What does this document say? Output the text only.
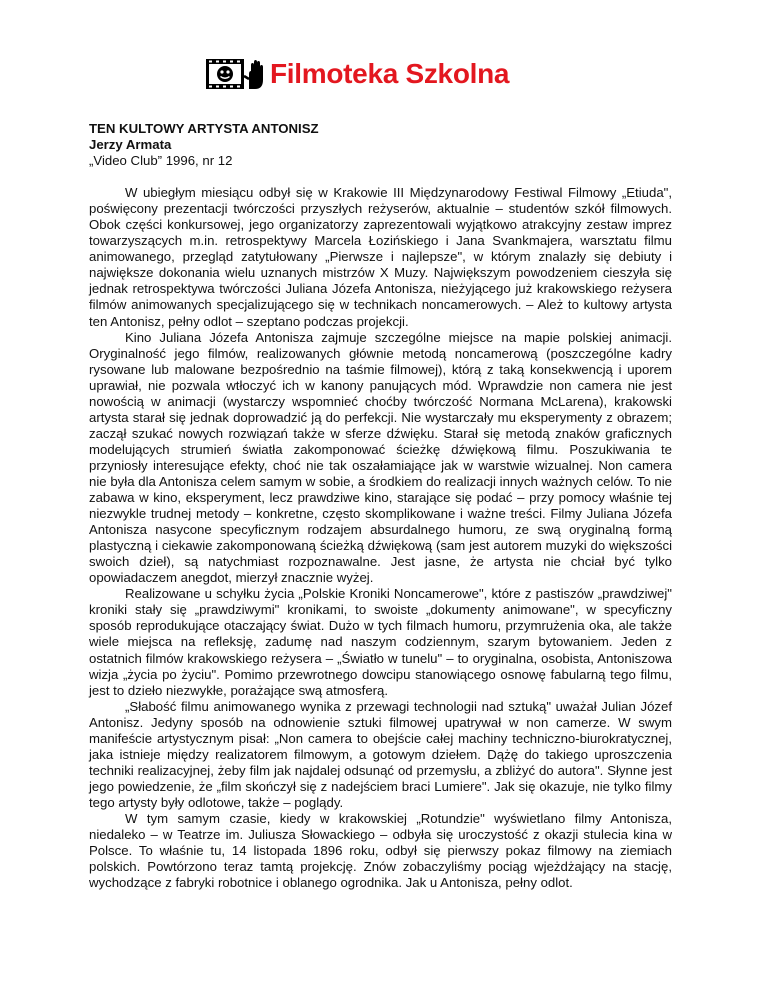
Filmoteka Szkolna
TEN KULTOWY ARTYSTA ANTONISZ
Jerzy Armata
„Video Club” 1996, nr 12

W ubiegłym miesiącu odbył się w Krakowie III Międzynarodowy Festiwal Filmowy „Etiuda", poświęcony prezentacji twórczości przyszłych reżyserów, aktualnie – studentów szkół filmowych. Obok części konkursowej, jego organizatorzy zaprezentowali wyjątkowo atrakcyjny zestaw imprez towarzyszących m.in. retrospektywy Marcela Łozińskiego i Jana Svankmajera, warsztatu filmu animowanego, przegląd zatytułowany „Pierwsze i najlepsze", w którym znalazły się debiuty i największe dokonania wielu uznanych mistrzów X Muzy. Największym powodzeniem cieszyła się jednak retrospektywa twórczości Juliana Józefa Antonisza, nieżyjącego już krakowskiego reżysera filmów animowanych specjalizującego się w technikach noncamerowych. – Ależ to kultowy artysta ten Antonisz, pełny odlot – szeptano podczas projekcji.

Kino Juliana Józefa Antonisza zajmuje szczególne miejsce na mapie polskiej animacji. Oryginalność jego filmów, realizowanych głównie metodą noncamerową (poszczególne kadry rysowane lub malowane bezpośrednio na taśmie filmowej), którą z taką konsekwencją i uporem uprawiał, nie pozwala wtłoczyć ich w kanony panujących mód. Wprawdzie non camera nie jest nowością w animacji (wystarczy wspomnieć choćby twórczość Normana McLarena), krakowski artysta starał się jednak doprowadzić ją do perfekcji. Nie wystarczały mu eksperymenty z obrazem; zaczął szukać nowych rozwiązań także w sferze dźwięku. Starał się metodą znaków graficznych modelujących strumień światła zakomponować ścieżkę dźwiękową filmu. Poszukiwania te przyniosły interesujące efekty, choć nie tak oszałamiające jak w warstwie wizualnej. Non camera nie była dla Antonisza celem samym w sobie, a środkiem do realizacji innych ważnych celów. To nie zabawa w kino, eksperyment, lecz prawdziwe kino, starające się podać – przy pomocy właśnie tej niezwykle trudnej metody – konkretne, często skomplikowane i ważne treści. Filmy Juliana Józefa Antonisza nasycone specyficznym rodzajem absurdalnego humoru, ze swą oryginalną formą plastyczną i ciekawie zakomponowaną ścieżką dźwiękową (sam jest autorem muzyki do większości swoich dzieł), są natychmiast rozpoznawalne. Jest jasne, że artysta nie chciał być tylko opowiadaczem anegdot, mierzył znacznie wyżej.

Realizowane u schyłku życia „Polskie Kroniki Noncamerowe", które z pastiszów „prawdziwej" kroniki stały się „prawdziwymi" kronikami, to swoiste „dokumenty animowane", w specyficzny sposób reprodukujące otaczający świat. Dużo w tych filmach humoru, przymrużenia oka, ale także wiele miejsca na refleksję, zadumę nad naszym codziennym, szarym bytowaniem. Jeden z ostatnich filmów krakowskiego reżysera – „Światło w tunelu" – to oryginalna, osobista, Antoniszowa wizja „życia po życiu". Pomimo przewrotnego dowcipu stanowiącego osnowę fabularną tego filmu, jest to dzieło niezwykłe, porażające swą atmosferą.

„Słabość filmu animowanego wynika z przewagi technologii nad sztuką" uważał Julian Józef Antonisz. Jedyny sposób na odnowienie sztuki filmowej upatrywał w non camerze. W swym manifeście artystycznym pisał: „Non camera to obejście całej machiny techniczno-biurokratycznej, jaka istnieje między realizatorem filmowym, a gotowym dziełem. Dążę do takiego uproszczenia techniki realizacyjnej, żeby film jak najdalej odsunąć od przemysłu, a zbliżyć do autora". Słynne jest jego powiedzenie, że „film skończył się z nadejściem braci Lumiere". Jak się okazuje, nie tylko filmy tego artysty były odlotowe, także – poglądy.

W tym samym czasie, kiedy w krakowskiej „Rotundzie" wyświetlano filmy Antonisza, niedaleko – w Teatrze im. Juliusza Słowackiego – odbyła się uroczystość z okazji stulecia kina w Polsce. To właśnie tu, 14 listopada 1896 roku, odbył się pierwszy pokaz filmowy na ziemiach polskich. Powtórzono teraz tamtą projekcję. Znów zobaczyliśmy pociąg wjeżdżający na stację, wychodzące z fabryki robotnice i oblanego ogrodnika. Jak u Antonisza, pełny odlot.
